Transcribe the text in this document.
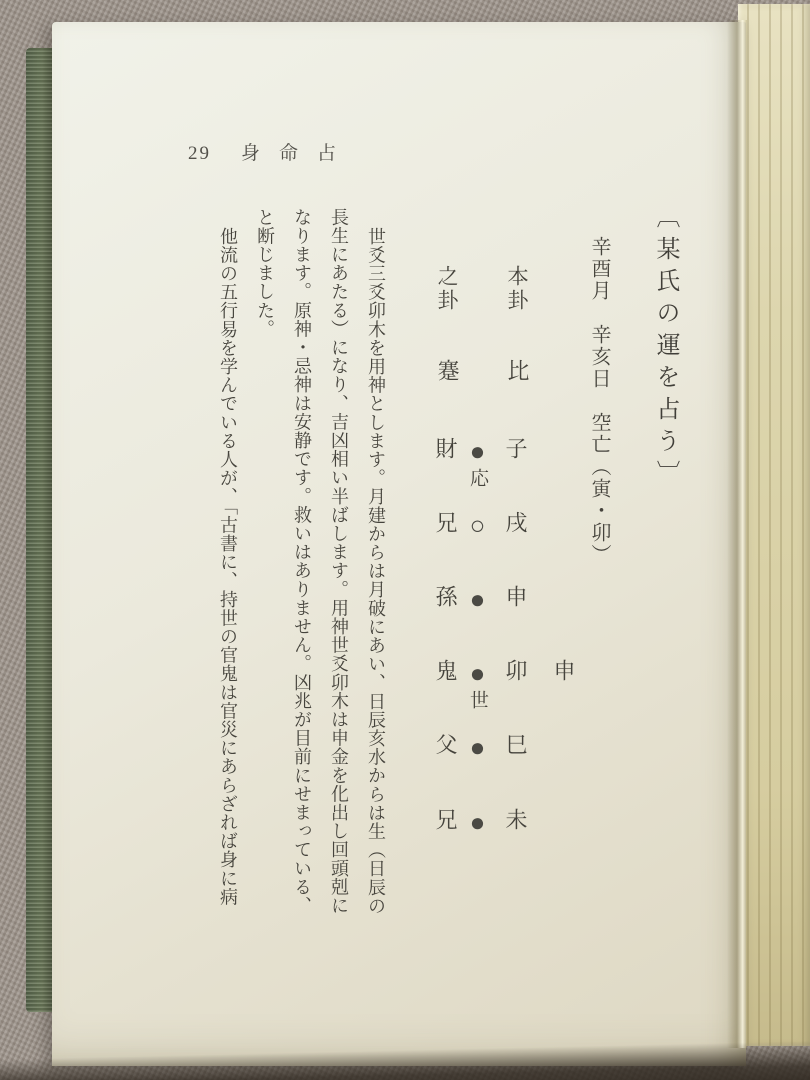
29 身命占
〔某氏の運を占う〕
辛酉月　辛亥日　空亡（寅・卯）
本卦
之卦
比
蹇
財 ●応
子
兄 ○ 戌
孫 ● 申
鬼 ●世
卯 申
父 ● 巳
兄 ● 未
世爻三爻卯木を用神とします。月建からは月破にあい、日辰亥水からは生（日辰の
長生にあたる）になり、吉凶相い半ばします。用神世爻卯木は申金を化出し回頭剋に
なります。原神・忌神は安静です。救いはありません。凶兆が目前にせまっている、
と断じました。
他流の五行易を学んでいる人が、「古書に、持世の官鬼は官災にあらざれば身に病
